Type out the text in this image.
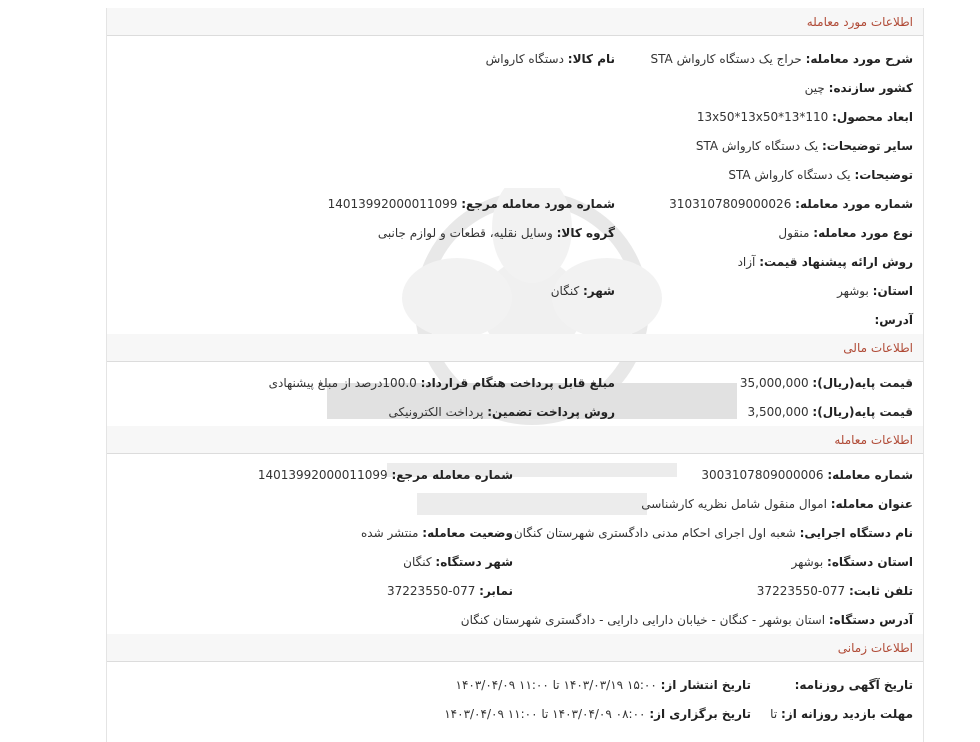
اطلاعات مورد معامله
شرح مورد معامله: حراج یک دستگاه کارواش STA
نام کالا: دستگاه کارواش
کشور سازنده: چین
ابعاد محصول: 110*13*13x50*13x50
سایر توضیحات: یک دستگاه کارواش STA
توضیحات: یک دستگاه کارواش STA
شماره مورد معامله: 3103107809000026
شماره مورد معامله مرجع: 14013992000011099
نوع مورد معامله: منقول
گروه کالا: وسایل نقلیه، قطعات و لوازم جانبی
روش ارائه پیشنهاد قیمت: آزاد
استان: بوشهر
شهر: کنگان
آدرس:
اطلاعات مالی
قیمت پایه(ریال): 35,000,000
مبلغ قابل پرداخت هنگام قرارداد: 100.0درصد از مبلغ پیشنهادی
قیمت پایه(ریال): 3,500,000
روش پرداخت تضمین: پرداخت الکترونیکی
اطلاعات معامله
شماره معامله: 3003107809000006
شماره معامله مرجع: 14013992000011099
عنوان معامله: اموال منقول شامل نظریه کارشناسی
نام دستگاه اجرایی: شعبه اول اجرای احکام مدنی دادگستری شهرستان کنگان
وضعیت معامله: منتشر شده
استان دستگاه: بوشهر
شهر دستگاه: کنگان
تلفن ثابت: 077-37223550
نمابر: 077-37223550
آدرس دستگاه: استان بوشهر - کنگان - خیابان دارایی دارایی - دادگستری شهرستان کنگان
اطلاعات زمانی
تاریخ آگهی روزنامه:
تاریخ انتشار از: ۱۵:۰۰ ۱۴۰۳/۰۳/۱۹ تا ۱۱:۰۰ ۱۴۰۳/۰۴/۰۹
مهلت بازدید روزانه از: تا
تاریخ برگزاری از: ۰۸:۰۰ ۱۴۰۳/۰۴/۰۹ تا ۱۱:۰۰ ۱۴۰۳/۰۴/۰۹
